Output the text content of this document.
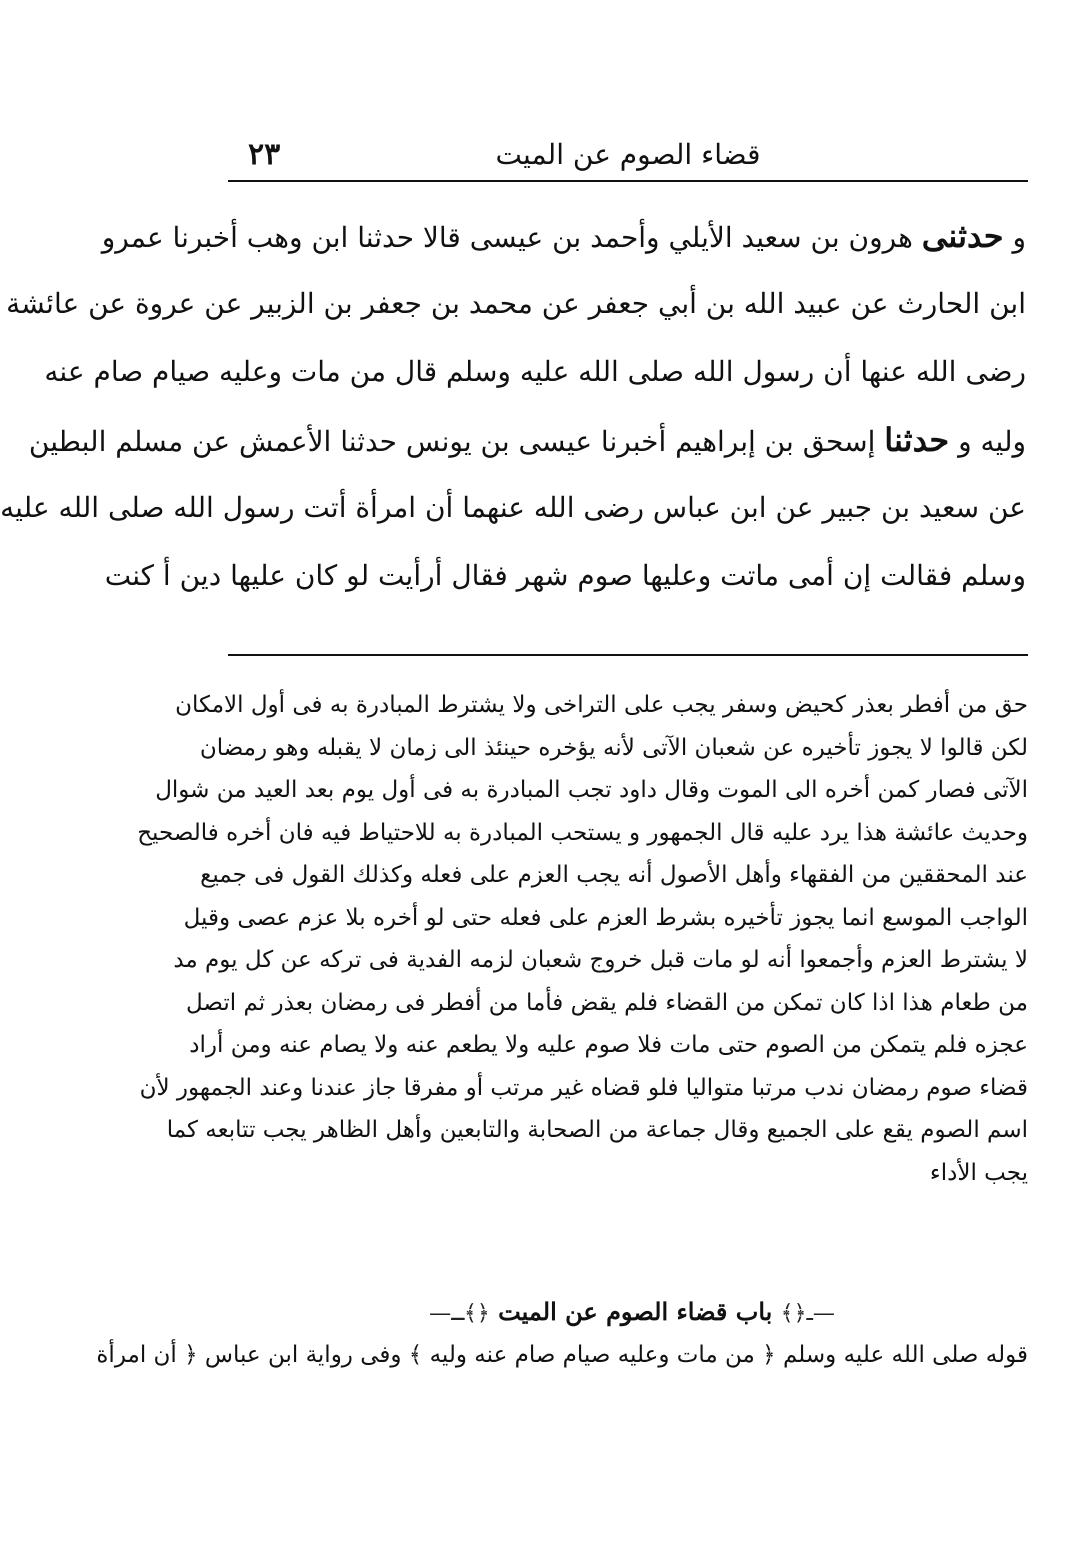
قضاء الصوم عن الميت
٢٣
و حدثنى هرون بن سعيد الأيلي وأحمد بن عيسى قالا حدثنا ابن وهب أخبرنا عمرو
ابن الحارث عن عبيد الله بن أبي جعفر عن محمد بن جعفر بن الزبير عن عروة عن عائشة
رضى الله عنها أن رسول الله صلى الله عليه وسلم قال من مات وعليه صيام صام عنه
وليه و حدثنا إسحق بن إبراهيم أخبرنا عيسى بن يونس حدثنا الأعمش عن مسلم البطين
عن سعيد بن جبير عن ابن عباس رضى الله عنهما أن امرأة أتت رسول الله صلى الله عليه
وسلم فقالت إن أمى ماتت وعليها صوم شهر فقال أرأيت لو كان عليها دين أ كنت
حق من أفطر بعذر كحيض وسفر يجب على التراخى ولا يشترط المبادرة به فى أول الامكان
لكن قالوا لا يجوز تأخيره عن شعبان الآتى لأنه يؤخره حينئذ الى زمان لا يقبله وهو رمضان
الآتى فصار كمن أخره الى الموت وقال داود تجب المبادرة به فى أول يوم بعد العيد من شوال
وحديث عائشة هذا يرد عليه قال الجمهور و يستحب المبادرة به للاحتياط فيه فان أخره فالصحيح
عند المحققين من الفقهاء وأهل الأصول أنه يجب العزم على فعله وكذلك القول فى جميع
الواجب الموسع انما يجوز تأخيره بشرط العزم على فعله حتى لو أخره بلا عزم عصى وقيل
لا يشترط العزم وأجمعوا أنه لو مات قبل خروج شعبان لزمه الفدية فى تركه عن كل يوم مد
من طعام هذا اذا كان تمكن من القضاء فلم يقض فأما من أفطر فى رمضان بعذر ثم اتصل
عجزه فلم يتمكن من الصوم حتى مات فلا صوم عليه ولا يطعم عنه ولا يصام عنه ومن أراد
قضاء صوم رمضان ندب مرتبا متواليا فلو قضاه غير مرتب أو مفرقا جاز عندنا وعند الجمهور لأن
اسم الصوم يقع على الجميع وقال جماعة من الصحابة والتابعين وأهل الظاهر يجب تتابعه كما
يجب الأداء
—ـ﴿﴾ باب قضاء الصوم عن الميت ﴿﴾ـ—
قوله صلى الله عليه وسلم ﴿ من مات وعليه صيام صام عنه وليه ﴾ وفى رواية ابن عباس ﴿ أن امرأة
